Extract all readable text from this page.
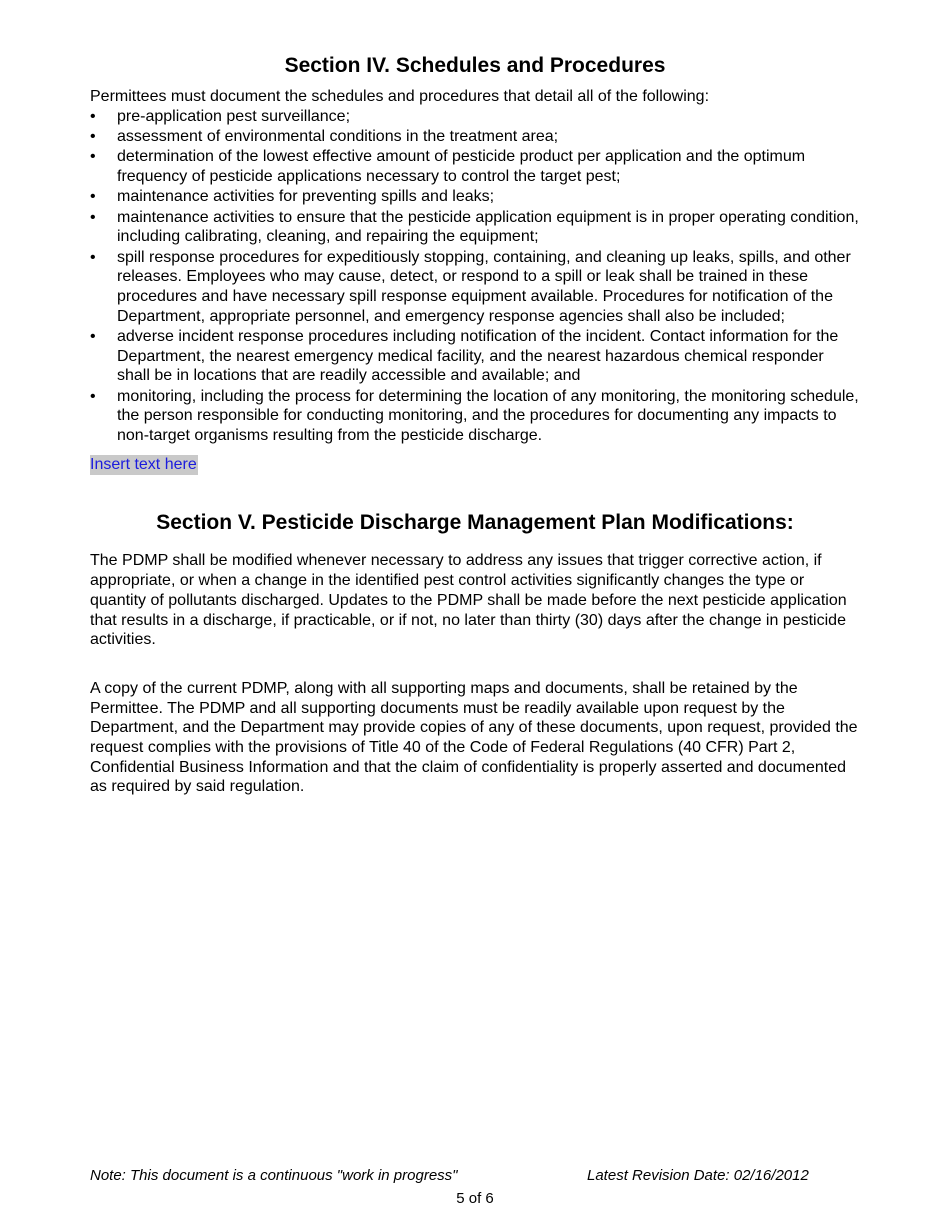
Section IV. Schedules and Procedures

Permittees must document the schedules and procedures that detail all of the following:

• pre-application pest surveillance;
• assessment of environmental conditions in the treatment area;
• determination of the lowest effective amount of pesticide product per application and the optimum frequency of pesticide applications necessary to control the target pest;
• maintenance activities for preventing spills and leaks;
• maintenance activities to ensure that the pesticide application equipment is in proper operating condition, including calibrating, cleaning, and repairing the equipment;
• spill response procedures for expeditiously stopping, containing, and cleaning up leaks, spills, and other releases. Employees who may cause, detect, or respond to a spill or leak shall be trained in these procedures and have necessary spill response equipment available. Procedures for notification of the Department, appropriate personnel, and emergency response agencies shall also be included;
• adverse incident response procedures including notification of the incident. Contact information for the Department, the nearest emergency medical facility, and the nearest hazardous chemical responder shall be in locations that are readily accessible and available; and
• monitoring, including the process for determining the location of any monitoring, the monitoring schedule, the person responsible for conducting monitoring, and the procedures for documenting any impacts to non-target organisms resulting from the pesticide discharge.
Insert text here
Section V. Pesticide Discharge Management Plan Modifications:

The PDMP shall be modified whenever necessary to address any issues that trigger corrective action, if appropriate, or when a change in the identified pest control activities significantly changes the type or quantity of pollutants discharged. Updates to the PDMP shall be made before the next pesticide application that results in a discharge, if practicable, or if not, no later than thirty (30) days after the change in pesticide activities.

A copy of the current PDMP, along with all supporting maps and documents, shall be retained by the Permittee. The PDMP and all supporting documents must be readily available upon request by the Department, and the Department may provide copies of any of these documents, upon request, provided the request complies with the provisions of Title 40 of the Code of Federal Regulations (40 CFR) Part 2, Confidential Business Information and that the claim of confidentiality is properly asserted and documented as required by said regulation.

Note: This document is a continuous "work in progress"	Latest Revision Date: 02/16/2012
5 of 6
